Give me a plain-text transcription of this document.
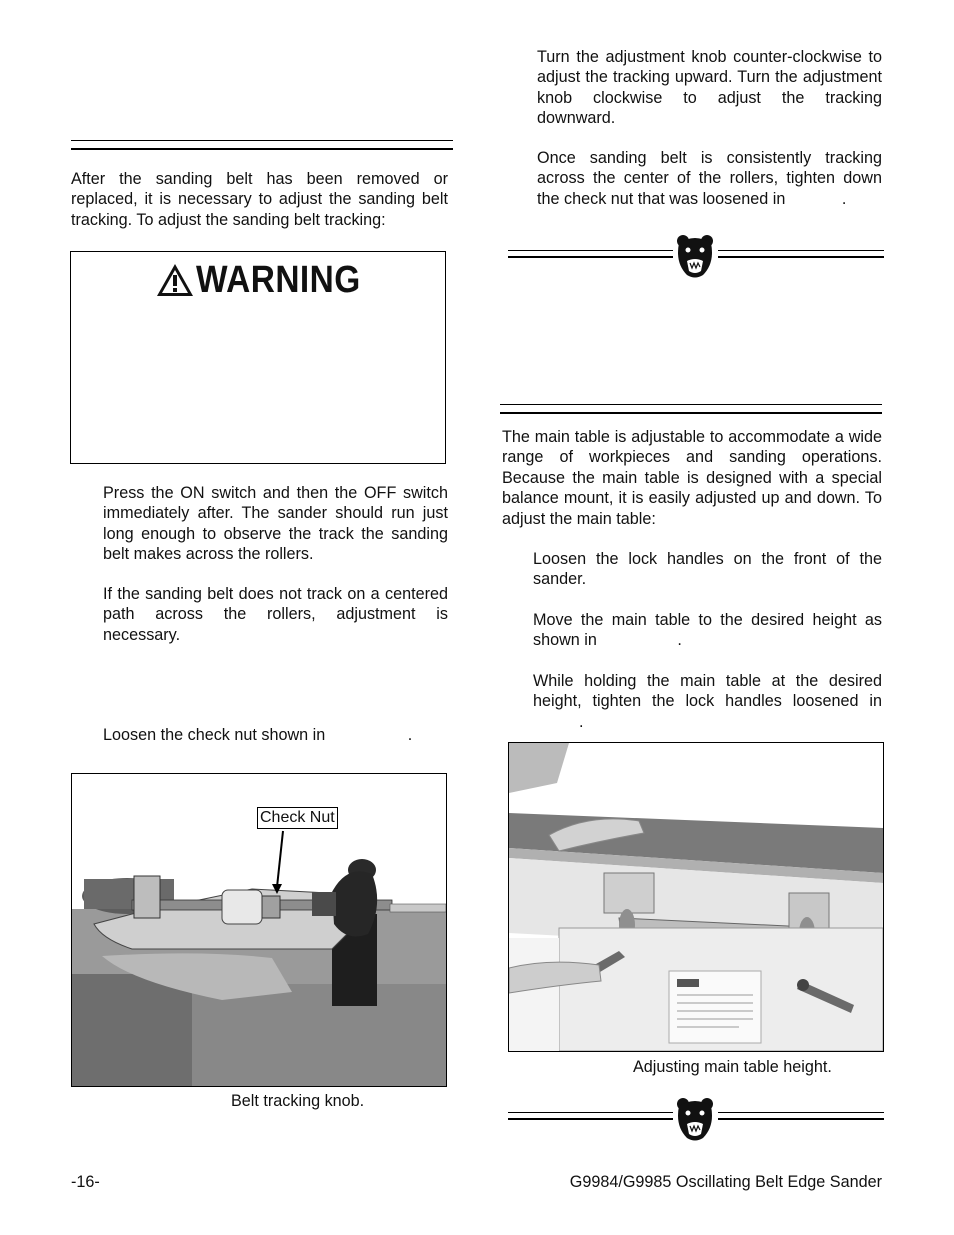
After the sanding belt has been removed or replaced, it is necessary to adjust the sanding belt tracking. To adjust the sanding belt tracking:

WARNING

Press the ON switch and then the OFF switch immediately after. The sander should run just long enough to observe the track the sanding belt makes across the rollers.

If the sanding belt does not track on a centered path across the rollers, adjustment is necessary.

Loosen the check nut shown in	.
Check Nut
Belt tracking knob.

Turn the adjustment knob counter-clockwise to adjust the tracking upward. Turn the adjustment knob clockwise to adjust the tracking downward.

Once sanding belt is consistently tracking across the center of the rollers, tighten down the check nut that was loosened in	.

The main table is adjustable to accommodate a wide range of workpieces and sanding operations. Because the main table is designed with a special balance mount, it is easily adjusted up and down. To adjust the main table:

Loosen the lock handles on the front of the sander.

Move the main table to the desired height as shown in	.
While holding the main table at the desired height, tighten the lock handles loosened in .
Adjusting main table height.
-16-	G9984/G9985 Oscillating Belt Edge Sander
